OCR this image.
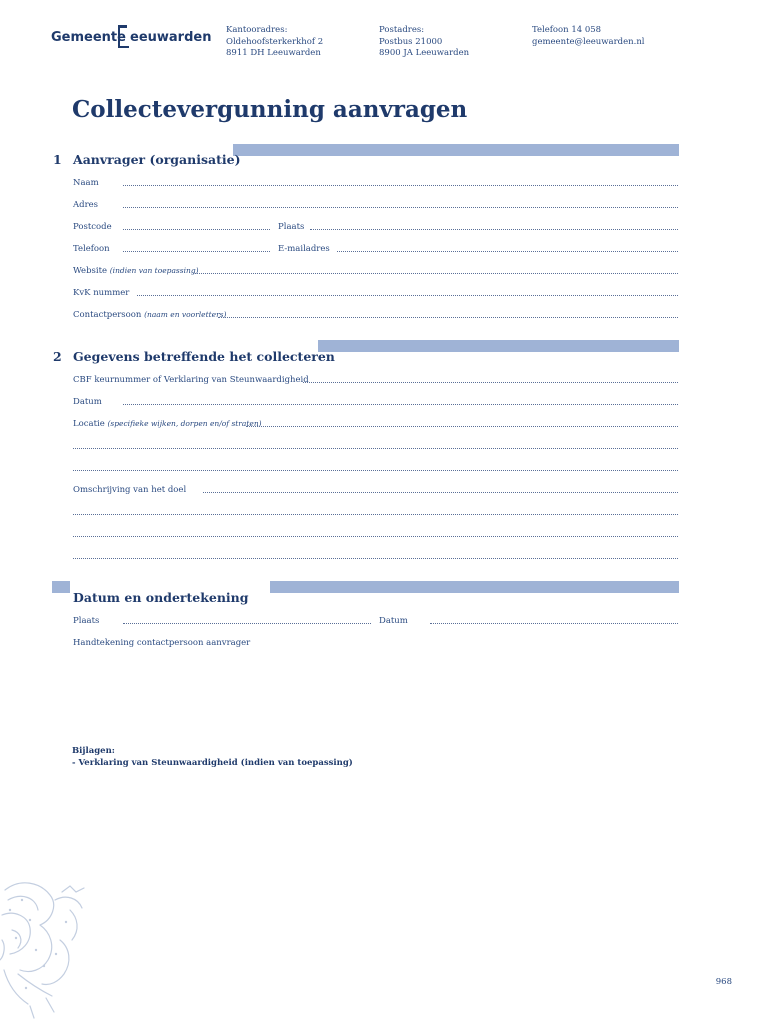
Gemeente eeuwarden Kantooradres:
Oldehoofsterkerkhof 2
8911 DH Leeuwarden
Postadres:
Postbus 21000
8900 JA Leeuwarden
Telefoon 14 058
gemeente@leeuwarden.nl
Collectevergunning aanvragen
1 Aanvrager (organisatie)
Naam
Adres
Postcode	Plaats
Telefoon	E-mailadres
Website (indien van toepassing)
KvK nummer
Contactpersoon (naam en voorletters)
2 Gegevens betreffende het collecteren
CBF keurnummer of Verklaring van Steunwaardigheid
Datum
Locatie (specifieke wijken, dorpen en/of straten)
Omschrijving van het doel
Datum en ondertekening
Plaats	Datum
Handtekening contactpersoon aanvrager
Bijlagen:
- Verklaring van Steunwaardigheid (indien van toepassing)
968
